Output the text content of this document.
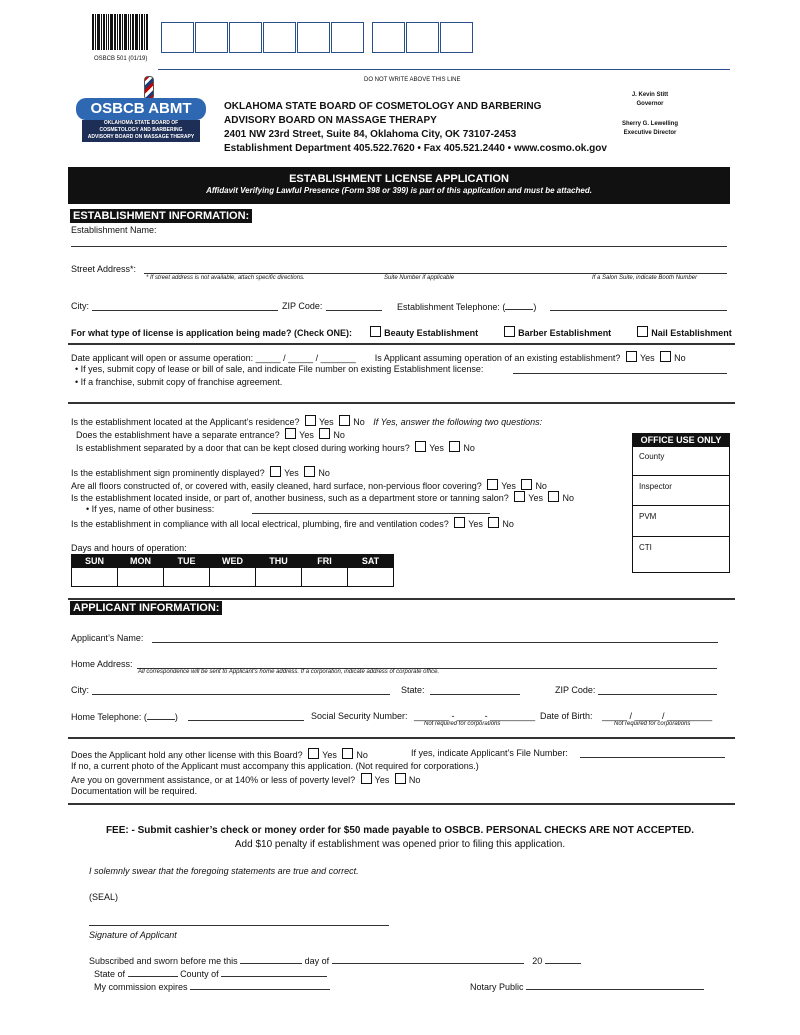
OSBCB 501 (01/19)
DO NOT WRITE ABOVE THIS LINE
OSBCB ABMT
OKLAHOMA STATE BOARD OF
COSMETOLOGY AND BARBERING
ADVISORY BOARD ON MASSAGE THERAPY
OKLAHOMA STATE BOARD OF COSMETOLOGY AND BARBERING
ADVISORY BOARD ON MASSAGE THERAPY
2401 NW 23rd Street, Suite 84, Oklahoma City, OK 73107-2453
Establishment Department 405.522.7620 • Fax 405.521.2440 • www.cosmo.ok.gov
J. Kevin Stitt
Governor
Sherry G. Lewelling
Executive Director
ESTABLISHMENT LICENSE APPLICATION
Affidavit Verifying Lawful Presence (Form 398 or 399) is part of this application and must be attached.
ESTABLISHMENT INFORMATION:
Establishment Name:
Street Address*:
* If street address is not available, attach specific directions.	Suite Number if applicable	If a Salon Suite, indicate Booth Number
City:	ZIP Code:	Establishment Telephone: (	)
For what type of license is application being made? (Check ONE):	Beauty Establishment	Barber Establishment	Nail Establishment
Date applicant will open or assume operation: _____ / _____ / _______ Is Applicant assuming operation of an existing establishment? Yes No
• If yes, submit copy of lease or bill of sale, and indicate File number on existing Establishment license:
• If a franchise, submit copy of franchise agreement.
Is the establishment located at the Applicant’s residence? Yes No If Yes, answer the following two questions:
Does the establishment have a separate entrance? Yes No
Is establishment separated by a door that can be kept closed during working hours? Yes No
Is the establishment sign prominently displayed? Yes No
Are all floors constructed of, or covered with, easily cleaned, hard surface, non-pervious floor covering? Yes No
Is the establishment located inside, or part of, another business, such as a department store or tanning salon? Yes No
• If yes, name of other business:
Is the establishment in compliance with all local electrical, plumbing, fire and ventilation codes? Yes No
Days and hours of operation:
SUN	MON	TUE	WED	THU	FRI	SAT

OFFICE USE ONLY
County
Inspector
PVM
CTI
APPLICANT INFORMATION:
Applicant’s Name:
Home Address:
All correspondence will be sent to Applicant’s home address. If a corporation, indicate address of corporate office.
City:	State:	ZIP Code:
Home Telephone: (	)	Social Security Number: _______ - _____ - _________
Not required for corporations
Date of Birth: _____ / _____ / _________
Not required for corporations
Does the Applicant hold any other license with this Board? Yes No	If yes, indicate Applicant’s File Number:
If no, a current photo of the Applicant must accompany this application. (Not required for corporations.)
Are you on government assistance, or at 140% or less of poverty level? Yes No
Documentation will be required.
FEE: - Submit cashier’s check or money order for $50 made payable to OSBCB. PERSONAL CHECKS ARE NOT ACCEPTED.
Add $10 penalty if establishment was opened prior to filing this application.
I solemnly swear that the foregoing statements are true and correct.
(SEAL)
Signature of Applicant
Subscribed and sworn before me this	day of	20
State of	County of
My commission expires	Notary Public
